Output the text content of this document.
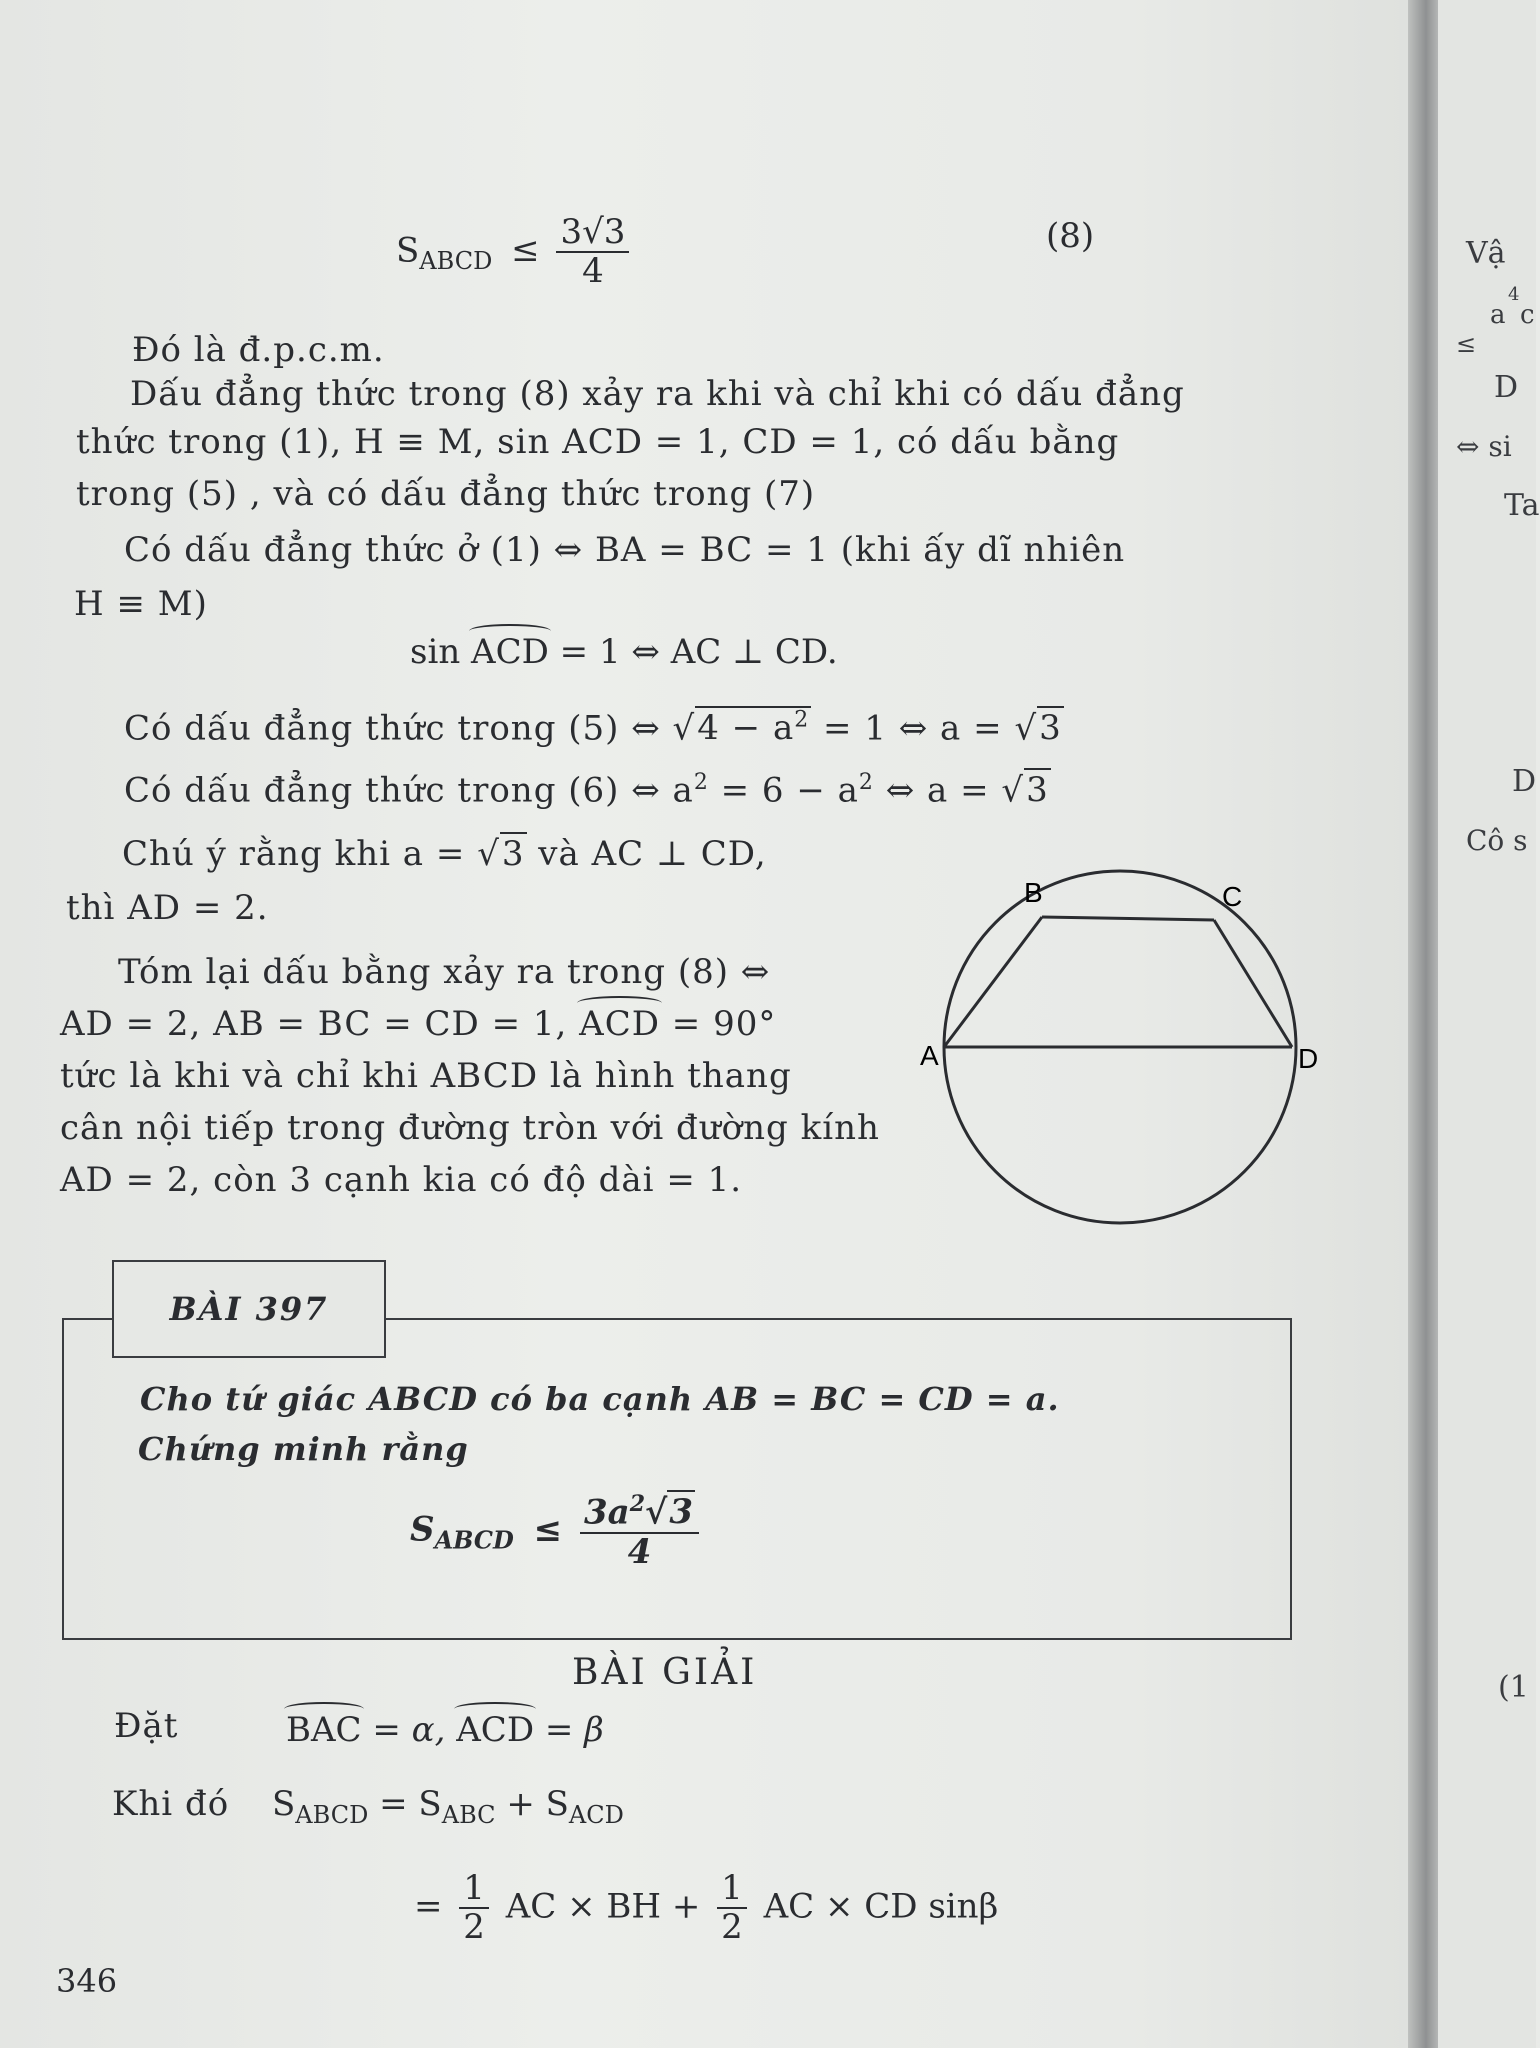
$S_{ABCD} \le \frac{3√3}{4}$	(8)
Đó là đ.p.c.m.
Dấu đẳng thức trong (8) xảy ra khi và chỉ khi có dấu đẳng
thức trong (1), H ≡ M, sin ACD = 1, CD = 1, có dấu bằng
trong (5) , và có dấu đẳng thức trong (7)
Có dấu đẳng thức ở (1) ⇔ BA = BC = 1 (khi ấy dĩ nhiên
H ≡ M)
sin ACD = 1 ⇔ AC ⊥ CD.
Có dấu đẳng thức trong (5) ⇔ $√4 - a^2 = 1$ ⇔ a = √3
Có dấu đẳng thức trong (6) ⇔ $a^2 = 6 - a^2$ ⇔ a = √3
Chú ý rằng khi a = √3 và AC ⊥ CD,
thì AD = 2.
Tóm lại dấu bằng xảy ra trong (8) ⇔
AD = 2, AB = BC = CD = 1, ACD = 90°
tức là khi và chỉ khi ABCD là hình thang
cân nội tiếp trong đường tròn với đường kính
AD = 2, còn 3 cạnh kia có độ dài = 1.
B	C
A	D
BÀI 397
Cho tứ giác ABCD có ba cạnh AB = BC = CD = a.
Chứng minh rằng
$S_{ABCD} \le \frac{3a^2√3}{4}$
BÀI GIẢI
Đặt	BAC = α, ACD = β
Khi đó $S_{ABCD} = S_{ABC} + S_{ACD}$
= $\frac{1}{2}$ AC × BH + $\frac{1}{2}$ AC × CD sinβ
346
Vậ
a
4
c
≤
D
⇔ si
Ta
Cô s
(1
D
